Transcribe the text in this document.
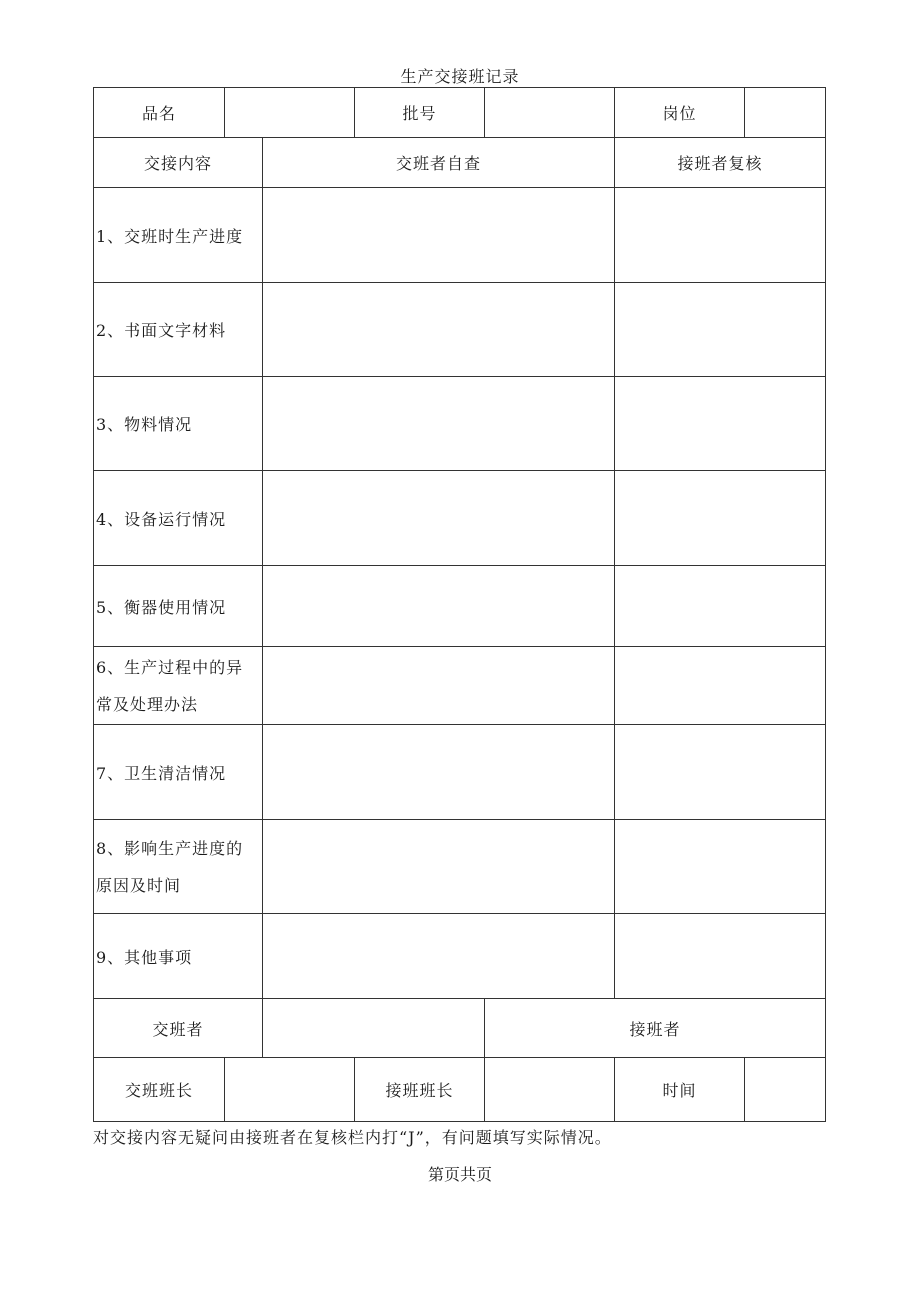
生产交接班记录
品名	批号	岗位
交接内容	交班者自查	接班者复核
1、交班时生产进度
2、书面文字材料
3、物料情况
4、设备运行情况
5、衡器使用情况
6、生产过程中的异
常及处理办法
7、卫生清洁情况
8、影响生产进度的
原因及时间
9、其他事项
交班者	接班者
交班班长	接班班长	时间
对交接内容无疑问由接班者在复核栏内打“J”，有问题填写实际情况。
第页共页
